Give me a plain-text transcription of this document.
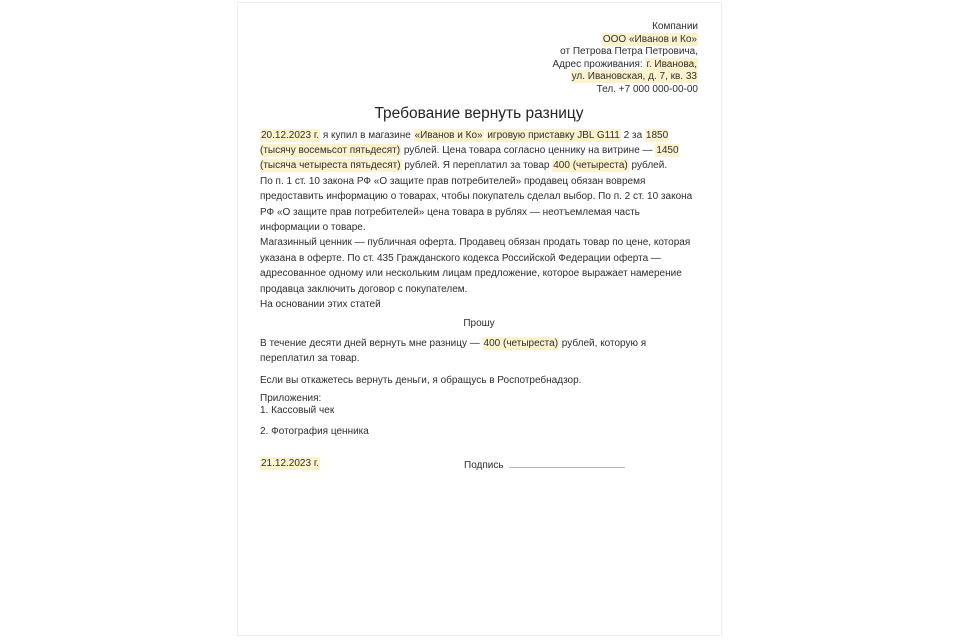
Компании
ООО «Иванов и Ко»
от Петрова Петра Петровича,
Адрес проживания: г. Иванова,
ул. Ивановская, д. 7, кв. 33
Тел. +7 000 000-00-00
Требование вернуть разницу

20.12.2023 г. я купил в магазине «Иванов и Ко» игровую приставку JBL G111 2 за 1850 (тысячу восемьсот пятьдесят) рублей. Цена товара согласно ценнику на витрине — 1450 (тысяча четыреста пятьдесят) рублей. Я переплатил за товар 400 (четыреста) рублей.

По п. 1 ст. 10 закона РФ «О защите прав потребителей» продавец обязан вовремя предоставить информацию о товарах, чтобы покупатель сделал выбор. По п. 2 ст. 10 закона РФ «О защите прав потребителей» цена товара в рублях — неотъемлемая часть информации о товаре.

Магазинный ценник — публичная оферта. Продавец обязан продать товар по цене, которая указана в оферте. По ст. 435 Гражданского кодекса Российской Федерации оферта — адресованное одному или нескольким лицам предложение, которое выражает намерение продавца заключить договор с покупателем.

На основании этих статей

Прошу

В течение десяти дней вернуть мне разницу — 400 (четыреста) рублей, которую я переплатил за товар.

Если вы откажетесь вернуть деньги, я обращусь в Роспотребнадзор.

Приложения:

1. Кассовый чек

2. Фотография ценника

21.12.2023 г.	Подпись
